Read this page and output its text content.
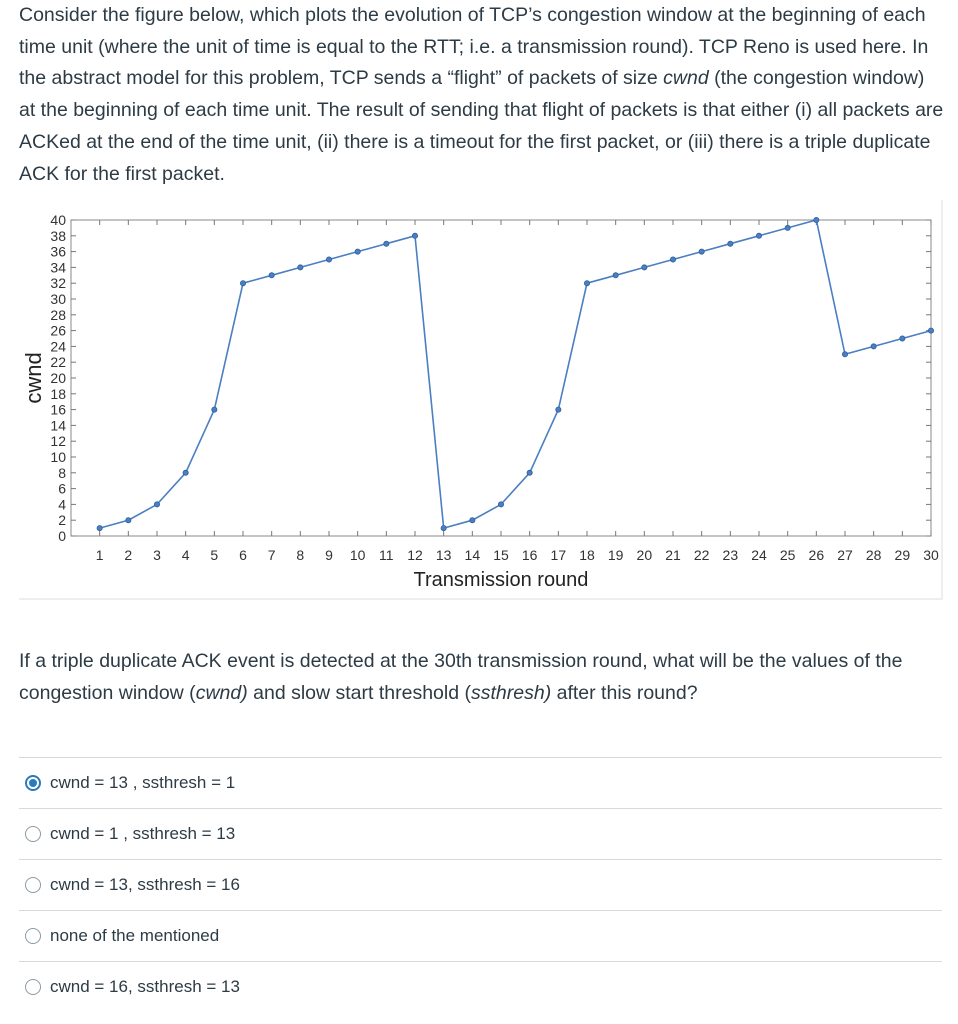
Consider the figure below, which plots the evolution of TCP’s congestion window at the beginning of each time unit (where the unit of time is equal to the RTT; i.e. a transmission round). TCP Reno is used here. In the abstract model for this problem, TCP sends a “flight” of packets of size cwnd (the congestion window) at the beginning of each time unit. The result of sending that flight of packets is that either (i) all packets are ACKed at the end of the time unit, (ii) there is a timeout for the first packet, or (iii) there is a triple duplicate ACK for the first packet.
0
2
4
6
8
10
12
14
16
18
20
22
24
26
28
30
32
34
36
38
40
1 2 3 4 5 6 7 8 9 10 11 12 13 14 15 16 17 18 19 20 21 22 23 24 25 26 27 28 29 30
Transmission round
cwnd
If a triple duplicate ACK event is detected at the 30th transmission round, what will be the values of the congestion window (cwnd) and slow start threshold (ssthresh) after this round?
cwnd = 13 , ssthresh = 1
cwnd = 1 , ssthresh = 13
cwnd = 13, ssthresh = 16
none of the mentioned
cwnd = 16, ssthresh = 13
